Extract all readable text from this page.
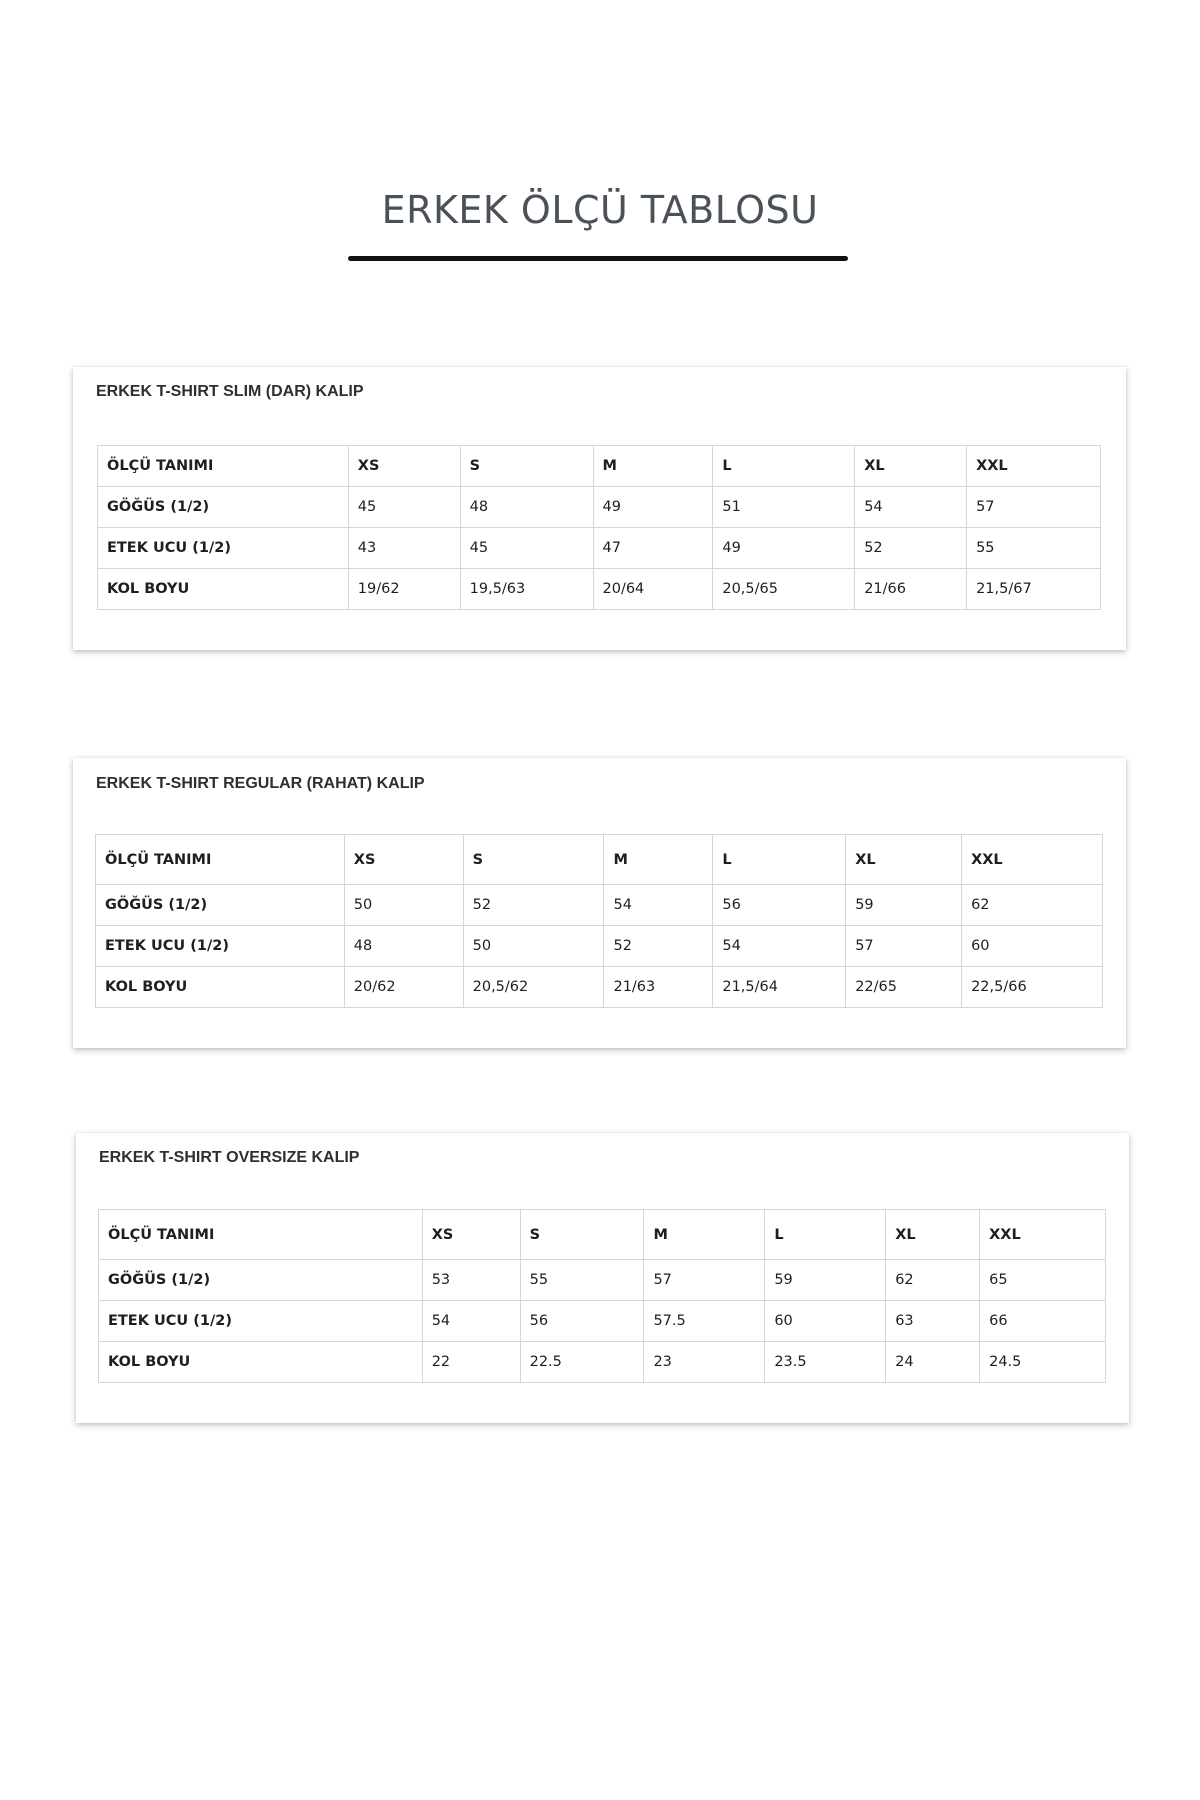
ERKEK ÖLÇÜ TABLOSU
ERKEK T-SHIRT SLIM (DAR) KALIP
ÖLÇÜ TANIMI	XS	S	M	L	XL	XXL
GÖĞÜS (1/2)	45	48	49	51	54	57
ETEK UCU (1/2)	43	45	47	49	52	55
KOL BOYU	19/62	19,5/63	20/64	20,5/65	21/66	21,5/67
ERKEK T-SHIRT REGULAR (RAHAT) KALIP
ÖLÇÜ TANIMI	XS	S	M	L	XL	XXL
GÖĞÜS (1/2)	50	52	54	56	59	62
ETEK UCU (1/2)	48	50	52	54	57	60
KOL BOYU	20/62	20,5/62	21/63	21,5/64	22/65	22,5/66
ERKEK T-SHIRT OVERSIZE KALIP
ÖLÇÜ TANIMI	XS	S	M	L	XL	XXL
GÖĞÜS (1/2)	53	55	57	59	62	65
ETEK UCU (1/2)	54	56	57.5	60	63	66
KOL BOYU	22	22.5	23	23.5	24	24.5
